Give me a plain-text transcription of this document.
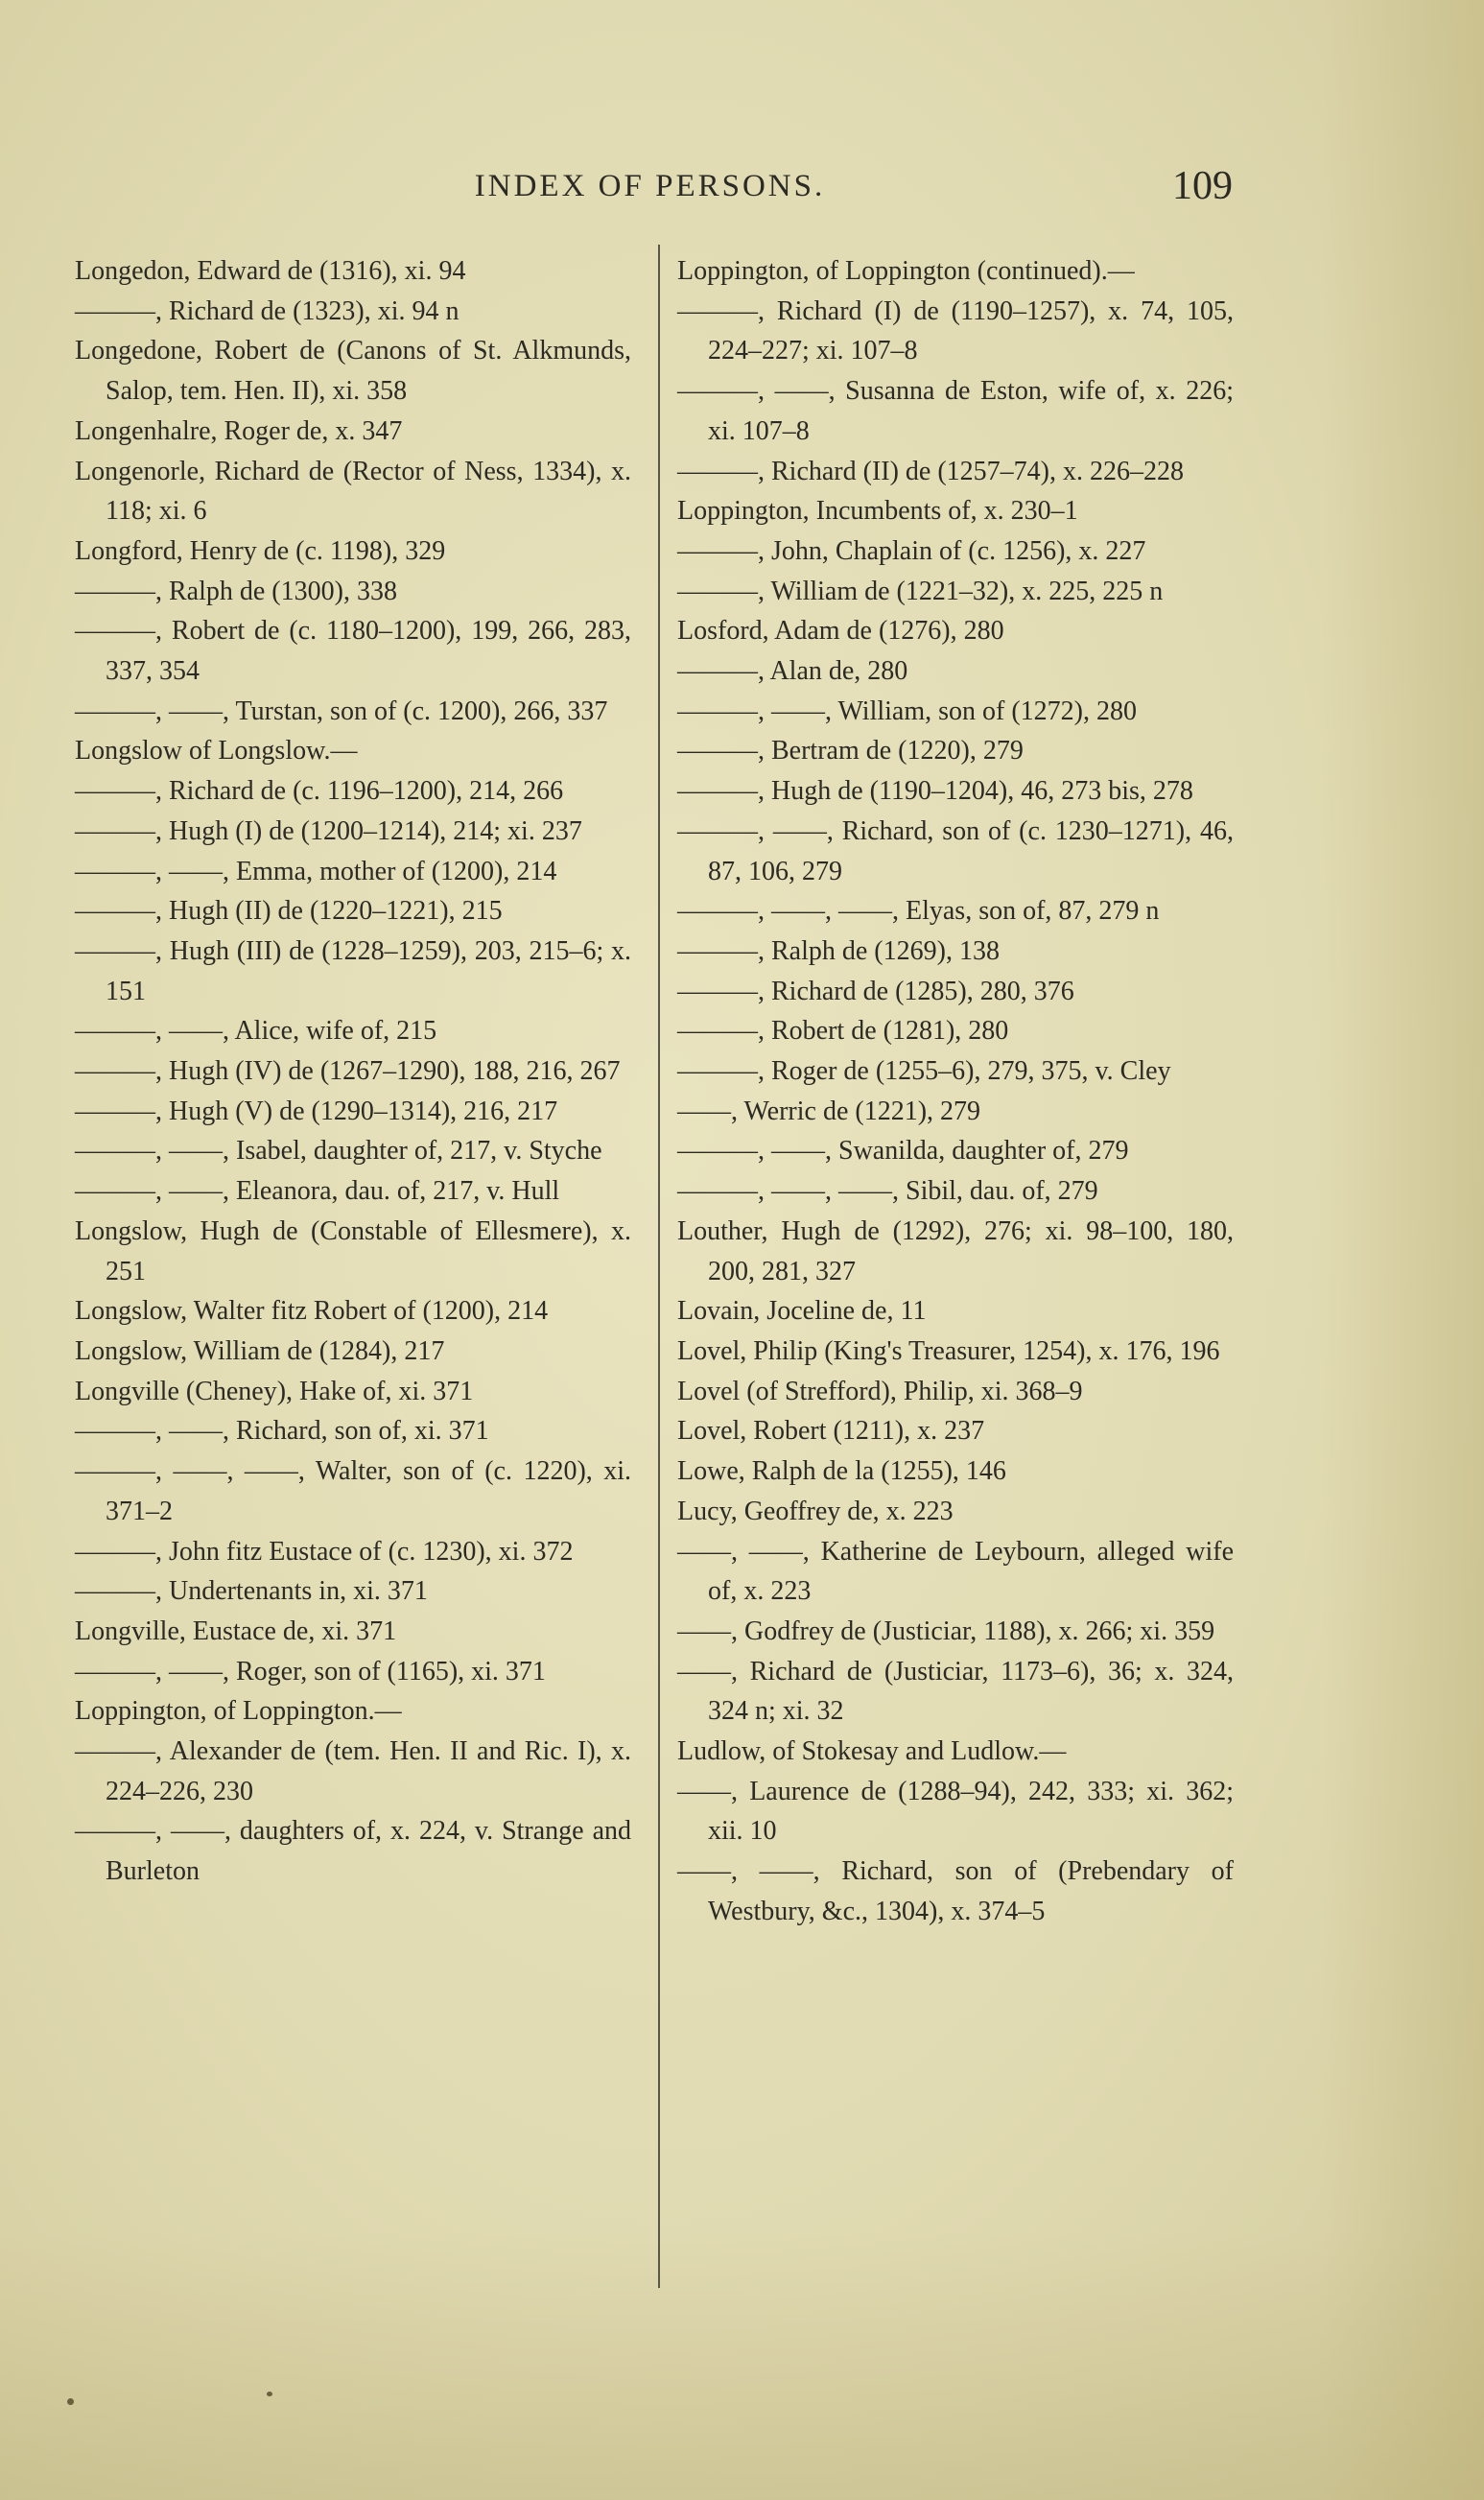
INDEX OF PERSONS.	109

Longedon, Edward de (1316), xi. 94

———, Richard de (1323), xi. 94 n

Longedone, Robert de (Canons of St. Alkmunds, Salop, tem. Hen. II), xi. 358

Longenhalre, Roger de, x. 347

Longenorle, Richard de (Rector of Ness, 1334), x. 118; xi. 6

Longford, Henry de (c. 1198), 329

———, Ralph de (1300), 338

———, Robert de (c. 1180–1200), 199, 266, 283, 337, 354

———, ——, Turstan, son of (c. 1200), 266, 337

Longslow of Longslow.—

———, Richard de (c. 1196–1200), 214, 266

———, Hugh (I) de (1200–1214), 214; xi. 237

———, ——, Emma, mother of (1200), 214

———, Hugh (II) de (1220–1221), 215

———, Hugh (III) de (1228–1259), 203, 215–6; x. 151

———, ——, Alice, wife of, 215

———, Hugh (IV) de (1267–1290), 188, 216, 267

———, Hugh (V) de (1290–1314), 216, 217

———, ——, Isabel, daughter of, 217, v. Styche

———, ——, Eleanora, dau. of, 217, v. Hull

Longslow, Hugh de (Constable of Ellesmere), x. 251

Longslow, Walter fitz Robert of (1200), 214

Longslow, William de (1284), 217

Longville (Cheney), Hake of, xi. 371

———, ——, Richard, son of, xi. 371

———, ——, ——, Walter, son of (c. 1220), xi. 371–2

———, John fitz Eustace of (c. 1230), xi. 372

———, Undertenants in, xi. 371

Longville, Eustace de, xi. 371

———, ——, Roger, son of (1165), xi. 371

Loppington, of Loppington.—

———, Alexander de (tem. Hen. II and Ric. I), x. 224–226, 230

———, ——, daughters of, x. 224, v. Strange and Burleton

Loppington, of Loppington (continued).—

———, Richard (I) de (1190–1257), x. 74, 105, 224–227; xi. 107–8

———, ——, Susanna de Eston, wife of, x. 226; xi. 107–8

———, Richard (II) de (1257–74), x. 226–228

Loppington, Incumbents of, x. 230–1

———, John, Chaplain of (c. 1256), x. 227

———, William de (1221–32), x. 225, 225 n

Losford, Adam de (1276), 280

———, Alan de, 280

———, ——, William, son of (1272), 280

———, Bertram de (1220), 279

———, Hugh de (1190–1204), 46, 273 bis, 278

———, ——, Richard, son of (c. 1230–1271), 46, 87, 106, 279

———, ——, ——, Elyas, son of, 87, 279 n

———, Ralph de (1269), 138

———, Richard de (1285), 280, 376

———, Robert de (1281), 280

———, Roger de (1255–6), 279, 375, v. Cley

——, Werric de (1221), 279

———, ——, Swanilda, daughter of, 279

———, ——, ——, Sibil, dau. of, 279

Louther, Hugh de (1292), 276; xi. 98–100, 180, 200, 281, 327

Lovain, Joceline de, 11

Lovel, Philip (King's Treasurer, 1254), x. 176, 196

Lovel (of Strefford), Philip, xi. 368–9

Lovel, Robert (1211), x. 237

Lowe, Ralph de la (1255), 146

Lucy, Geoffrey de, x. 223

——, ——, Katherine de Leybourn, alleged wife of, x. 223

——, Godfrey de (Justiciar, 1188), x. 266; xi. 359

——, Richard de (Justiciar, 1173–6), 36; x. 324, 324 n; xi. 32

Ludlow, of Stokesay and Ludlow.—

——, Laurence de (1288–94), 242, 333; xi. 362; xii. 10

——, ——, Richard, son of (Prebendary of Westbury, &c., 1304), x. 374–5
